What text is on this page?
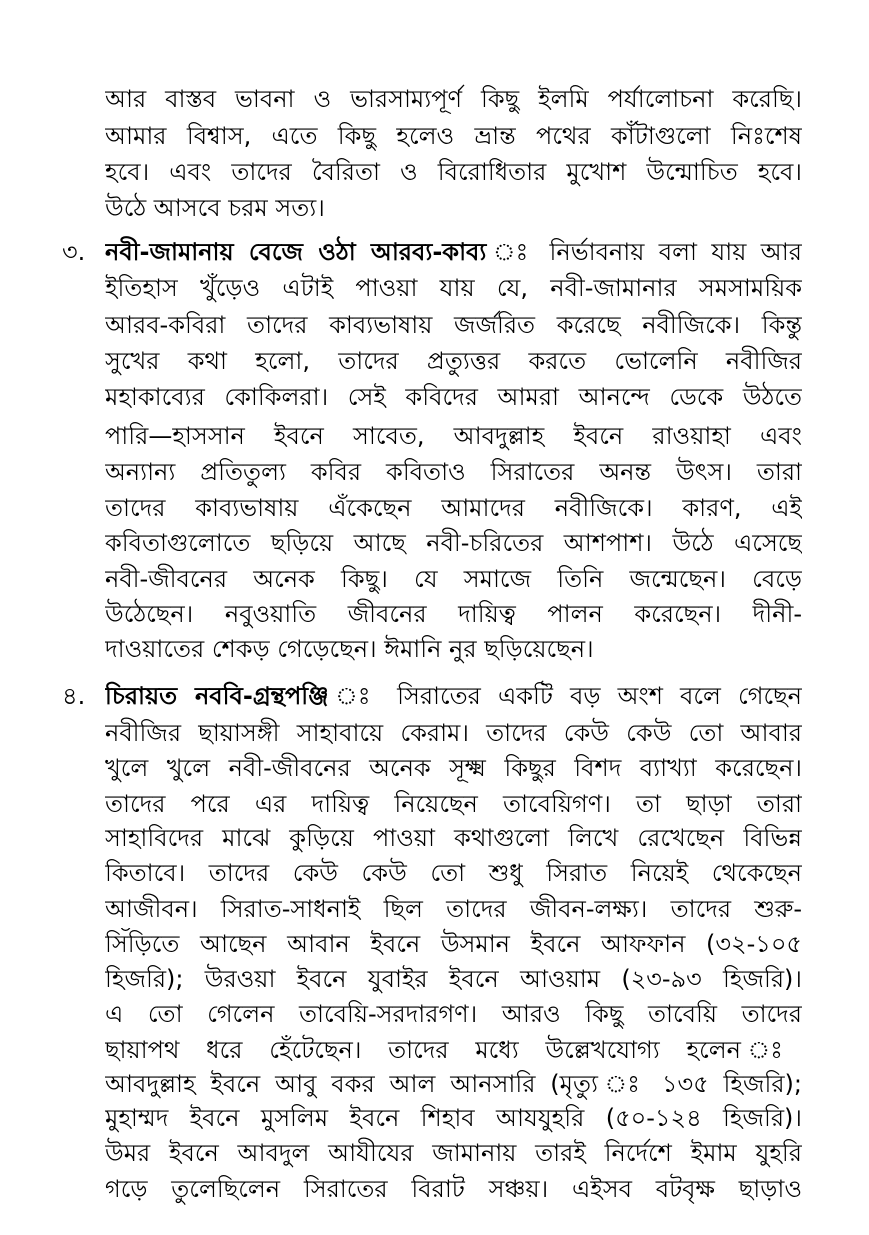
আর বাস্তব ভাবনা ও ভারসাম্যপূর্ণ কিছু ইলমি পর্যালোচনা করেছি।
আমার বিশ্বাস, এতে কিছু হলেও ভ্রান্ত পথের কাঁটাগুলো নিঃশেষ
হবে। এবং তাদের বৈরিতা ও বিরোধিতার মুখোশ উন্মোচিত হবে।
উঠে আসবে চরম সত্য।
৩. নবী-জামানায় বেজে ওঠা আরব্য-কাব্য ঃ নির্ভাবনায় বলা যায় আর
ইতিহাস খুঁড়েও এটাই পাওয়া যায় যে, নবী-জামানার সমসাময়িক
আরব-কবিরা তাদের কাব্যভাষায় জর্জরিত করেছে নবীজিকে। কিন্তু
সুখের কথা হলো, তাদের প্রত্যুত্তর করতে ভোলেনি নবীজির
মহাকাব্যের কোকিলরা। সেই কবিদের আমরা আনন্দে ডেকে উঠতে
পারি—হাসসান ইবনে সাবেত, আবদুল্লাহ ইবনে রাওয়াহা এবং
অন্যান্য প্রতিতুল্য কবির কবিতাও সিরাতের অনন্ত উৎস। তারা
তাদের কাব্যভাষায় এঁকেছেন আমাদের নবীজিকে। কারণ, এই
কবিতাগুলোতে ছড়িয়ে আছে নবী-চরিতের আশপাশ। উঠে এসেছে
নবী-জীবনের অনেক কিছু। যে সমাজে তিনি জন্মেছেন। বেড়ে
উঠেছেন। নবুওয়াতি জীবনের দায়িত্ব পালন করেছেন। দীনী-
দাওয়াতের শেকড় গেড়েছেন। ঈমানি নুর ছড়িয়েছেন।
৪. চিরায়ত নববি-গ্রন্থপঞ্জি ঃ সিরাতের একটি বড় অংশ বলে গেছেন
নবীজির ছায়াসঙ্গী সাহাবায়ে কেরাম। তাদের কেউ কেউ তো আবার
খুলে খুলে নবী-জীবনের অনেক সূক্ষ্ম কিছুর বিশদ ব্যাখ্যা করেছেন।
তাদের পরে এর দায়িত্ব নিয়েছেন তাবেয়িগণ। তা ছাড়া তারা
সাহাবিদের মাঝে কুড়িয়ে পাওয়া কথাগুলো লিখে রেখেছেন বিভিন্ন
কিতাবে। তাদের কেউ কেউ তো শুধু সিরাত নিয়েই থেকেছেন
আজীবন। সিরাত-সাধনাই ছিল তাদের জীবন-লক্ষ্য। তাদের শুরু-
সিঁড়িতে আছেন আবান ইবনে উসমান ইবনে আফফান (৩২-১০৫
হিজরি); উরওয়া ইবনে যুবাইর ইবনে আওয়াম (২৩-৯৩ হিজরি)।
এ তো গেলেন তাবেয়ি-সরদারগণ। আরও কিছু তাবেয়ি তাদের
ছায়াপথ ধরে হেঁটেছেন। তাদের মধ্যে উল্লেখযোগ্য হলেন ঃ
আবদুল্লাহ ইবনে আবু বকর আল আনসারি (মৃত্যু ঃ ১৩৫ হিজরি);
মুহাম্মদ ইবনে মুসলিম ইবনে শিহাব আযযুহরি (৫০-১২৪ হিজরি)।
উমর ইবনে আবদুল আযীযের জামানায় তারই নির্দেশে ইমাম যুহরি
গড়ে তুলেছিলেন সিরাতের বিরাট সঞ্চয়। এইসব বটবৃক্ষ ছাড়াও
